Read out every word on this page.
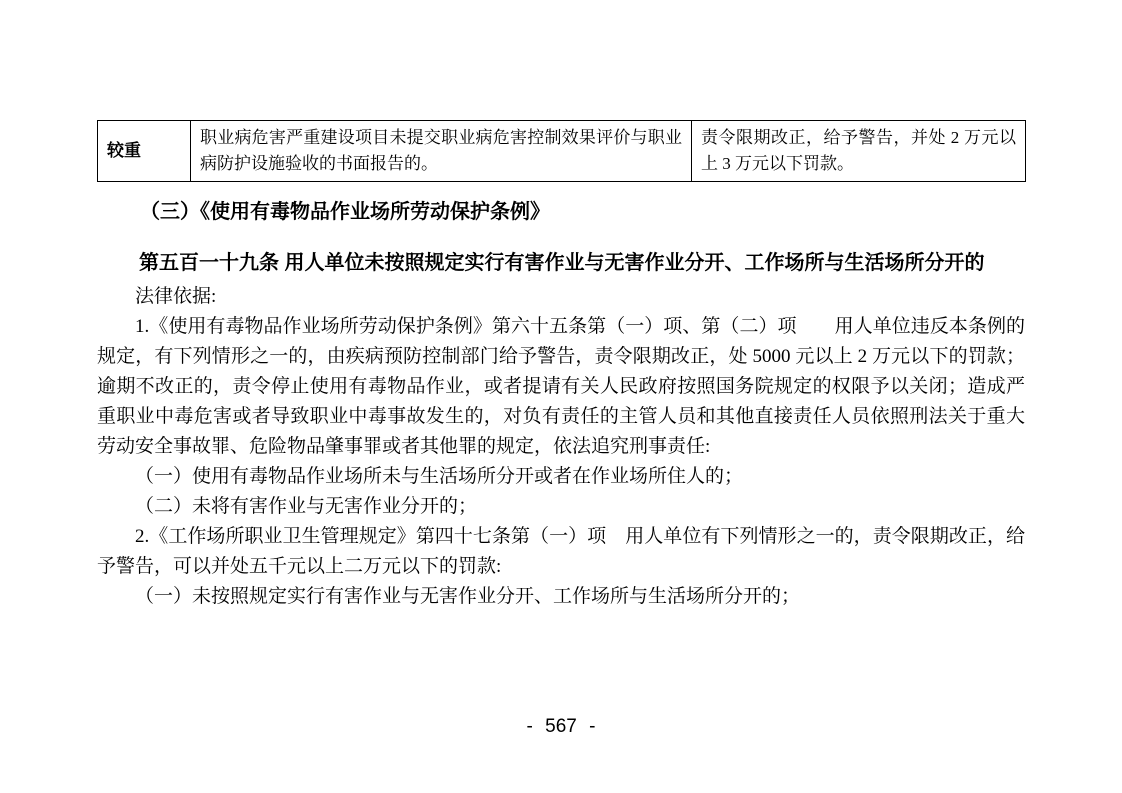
较重	职业病危害严重建设项目未提交职业病危害控制效果评价与职业病防护设施验收的书面报告的。	责令限期改正，给予警告，并处 2 万元以上 3 万元以下罚款。
（三）《使用有毒物品作业场所劳动保护条例》
第五百一十九条 用人单位未按照规定实行有害作业与无害作业分开、工作场所与生活场所分开的

法律依据:

1.《使用有毒物品作业场所劳动保护条例》第六十五条第（一）项、第（二）项　　用人单位违反本条例的规定，有下列情形之一的，由疾病预防控制部门给予警告，责令限期改正，处 5000 元以上 2 万元以下的罚款；逾期不改正的，责令停止使用有毒物品作业，或者提请有关人民政府按照国务院规定的权限予以关闭；造成严重职业中毒危害或者导致职业中毒事故发生的，对负有责任的主管人员和其他直接责任人员依照刑法关于重大劳动安全事故罪、危险物品肇事罪或者其他罪的规定，依法追究刑事责任:

（一）使用有毒物品作业场所未与生活场所分开或者在作业场所住人的；

（二）未将有害作业与无害作业分开的；

2.《工作场所职业卫生管理规定》第四十七条第（一）项　用人单位有下列情形之一的，责令限期改正，给予警告，可以并处五千元以上二万元以下的罚款:

（一）未按照规定实行有害作业与无害作业分开、工作场所与生活场所分开的；

- 567 -
